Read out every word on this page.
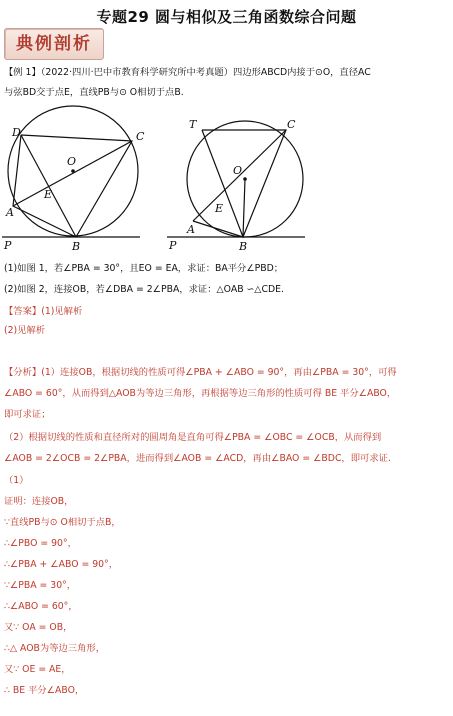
专题29 圆与相似及三角函数综合问题
典例剖析
【例 1】（2022·四川·巴中市教育科学研究所中考真题）四边形ABCD内接于⊙O，直径AC
与弦BD交于点E，直线PB与⊙ O相切于点B.
D	C
O
E
A
P	B
T	C
O
E
A
P	B
(1)如图 1，若∠PBA = 30°，且EO = EA，求证：BA平分∠PBD；
(2)如图 2，连接OB，若∠DBA = 2∠PBA，求证：△OAB ∽△CDE.
【答案】(1)见解析
(2)见解析
【分析】(1）连接OB，根据切线的性质可得∠PBA + ∠ABO = 90°，再由∠PBA = 30°，可得
∠ABO = 60°，从而得到△AOB为等边三角形，再根据等边三角形的性质可得 BE 平分∠ABO，
即可求证；
（2）根据切线的性质和直径所对的圆周角是直角可得∠PBA = ∠OBC = ∠OCB，从而得到
∠AOB = 2∠OCB = 2∠PBA，进而得到∠AOB = ∠ACD，再由∠BAO = ∠BDC，即可求证.
（1）
证明：连接OB，
∵直线PB与⊙ O相切于点B，
∴∠PBO = 90°，
∴∠PBA + ∠ABO = 90°，
∵∠PBA = 30°，
∴∠ABO = 60°，
又∵ OA = OB，
∴△ AOB为等边三角形，
又∵ OE = AE，
∴ BE 平分∠ABO，
